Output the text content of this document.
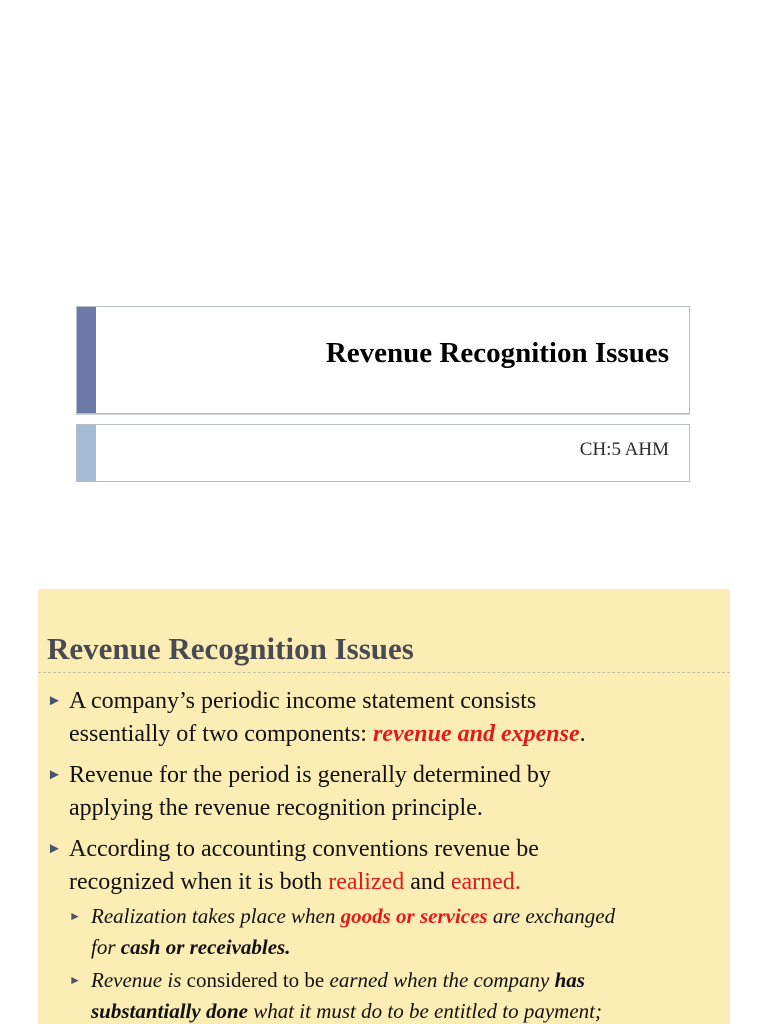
Revenue Recognition Issues
CH:5 AHM
Revenue Recognition Issues
► A company’s periodic income statement consists
essentially of two components: revenue and expense.
► Revenue for the period is generally determined by
applying the revenue recognition principle.
► According to accounting conventions revenue be
recognized when it is both realized and earned.
► Realization takes place when goods or services are exchanged
for cash or receivables.
► Revenue is considered to be earned when the company has
substantially done what it must do to be entitled to payment;
